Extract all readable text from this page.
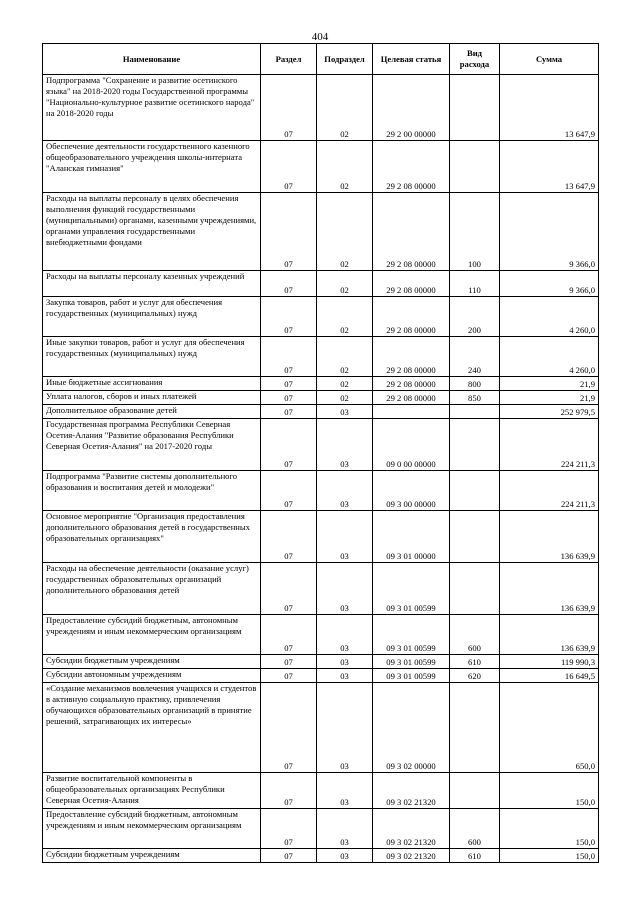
404
Наименование	Раздел	Подраздел	Целевая статья	Вид расхода	Сумма
Подпрограмма "Сохранение и развитие осетинского языка" на 2018-2020 годы Государственной программы "Национально-культурное развитие осетинского народа" на 2018-2020 годы	07	02	29 2 00 00000		13 647,9
Обеспечение деятельности государственного казенного общеобразовательного учреждения школы-интерната "Аланская гимназия"	07	02	29 2 08 00000		13 647,9
Расходы на выплаты персоналу в целях обеспечения выполнения функций государственными (муниципальными) органами, казенными учреждениями, органами управления государственными внебюджетными фондами	07	02	29 2 08 00000	100	9 366,0
Расходы на выплаты персоналу казенных учреждений	07	02	29 2 08 00000	110	9 366,0
Закупка товаров, работ и услуг для обеспечения государственных (муниципальных) нужд	07	02	29 2 08 00000	200	4 260,0
Иные закупки товаров, работ и услуг для обеспечения государственных (муниципальных) нужд	07	02	29 2 08 00000	240	4 260,0
Иные бюджетные ассигнования	07	02	29 2 08 00000	800	21,9
Уплата налогов, сборов и иных платежей	07	02	29 2 08 00000	850	21,9
Дополнительное образование детей	07	03			252 979,5
Государственная программа Республики Северная Осетия-Алания "Развитие образования Республики Северная Осетия-Алания" на 2017-2020 годы	07	03	09 0 00 00000		224 211,3
Подпрограмма "Развитие системы дополнительного образования и воспитания детей и молодежи"	07	03	09 3 00 00000		224 211,3
Основное мероприятие "Организация предоставления дополнительного образования детей в государственных образовательных организациях"	07	03	09 3 01 00000		136 639,9
Расходы на обеспечение деятельности (оказание услуг) государственных образовательных организаций дополнительного образования детей	07	03	09 3 01 00599		136 639,9
Предоставление субсидий бюджетным, автономным учреждениям и иным некоммерческим организациям	07	03	09 3 01 00599	600	136 639,9
Субсидии бюджетным учреждениям	07	03	09 3 01 00599	610	119 990,3
Субсидии автономным учреждениям	07	03	09 3 01 00599	620	16 649,5
«Создание механизмов вовлечения учащихся и студентов в активную социальную практику, привлечения обучающихся образовательных организаций в принятие решений, затрагивающих их интересы»	07	03	09 3 02 00000		650,0
Развитие воспитательной компоненты в общеобразовательных организациях Республики Северная Осетия-Алания	07	03	09 3 02 21320		150,0
Предоставление субсидий бюджетным, автономным учреждениям и иным некоммерческим организациям	07	03	09 3 02 21320	600	150,0
Субсидии бюджетным учреждениям	07	03	09 3 02 21320	610	150,0
